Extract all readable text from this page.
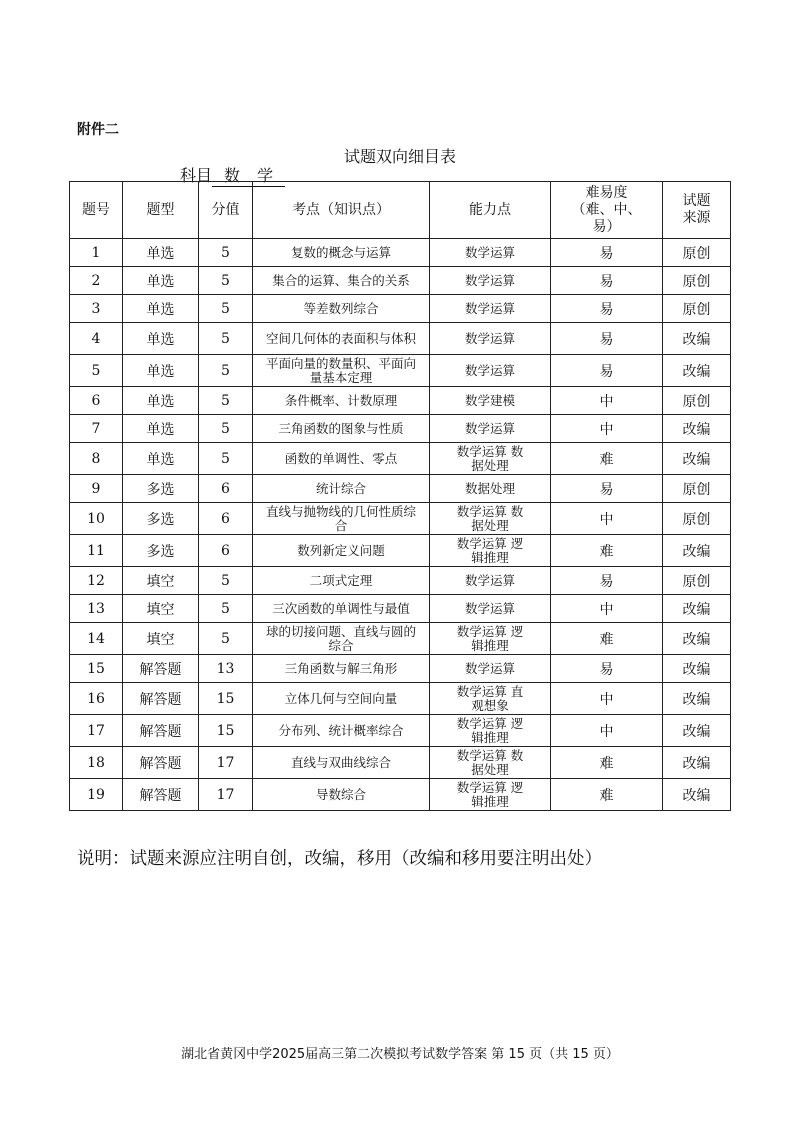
附件二
试题双向细目表
科目 数 学
题号	题型	分值	考点（知识点）	能力点	难易度（难、中、易）	试题来源
1	单选	5	复数的概念与运算	数学运算	易	原创
2	单选	5	集合的运算、集合的关系	数学运算	易	原创
3	单选	5	等差数列综合	数学运算	易	原创
4	单选	5	空间几何体的表面积与体积	数学运算	易	改编
5	单选	5	平面向量的数量积、平面向量基本定理	数学运算	易	改编
6	单选	5	条件概率、计数原理	数学建模	中	原创
7	单选	5	三角函数的图象与性质	数学运算	中	改编
8	单选	5	函数的单调性、零点	数学运算 数据处理	难	改编
9	多选	6	统计综合	数据处理	易	原创
10	多选	6	直线与抛物线的几何性质综合	数学运算 数据处理	中	原创
11	多选	6	数列新定义问题	数学运算 逻辑推理	难	改编
12	填空	5	二项式定理	数学运算	易	原创
13	填空	5	三次函数的单调性与最值	数学运算	中	改编
14	填空	5	球的切接问题、直线与圆的综合	数学运算 逻辑推理	难	改编
15	解答题	13	三角函数与解三角形	数学运算	易	改编
16	解答题	15	立体几何与空间向量	数学运算 直观想象	中	改编
17	解答题	15	分布列、统计概率综合	数学运算 逻辑推理	中	改编
18	解答题	17	直线与双曲线综合	数学运算 数据处理	难	改编
19	解答题	17	导数综合	数学运算 逻辑推理	难	改编
说明：试题来源应注明自创，改编，移用（改编和移用要注明出处）
湖北省黄冈中学2025届高三第二次模拟考试数学答案 第 15 页（共 15 页）
